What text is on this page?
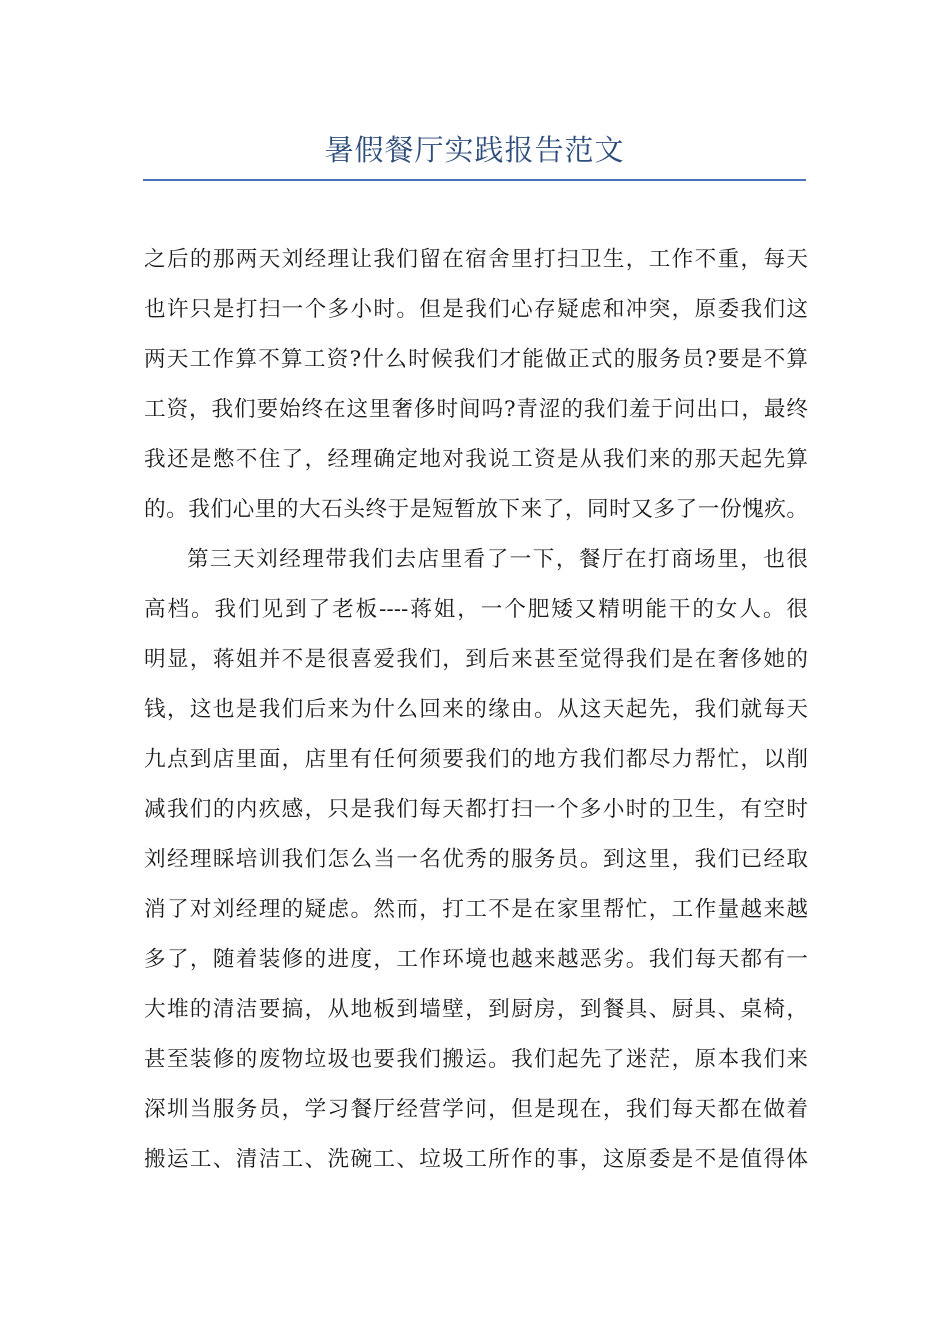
暑假餐厅实践报告范文
之后的那两天刘经理让我们留在宿舍里打扫卫生，工作不重，每天
也许只是打扫一个多小时。但是我们心存疑虑和冲突，原委我们这
两天工作算不算工资?什么时候我们才能做正式的服务员?要是不算
工资，我们要始终在这里奢侈时间吗?青涩的我们羞于问出口，最终
我还是憋不住了，经理确定地对我说工资是从我们来的那天起先算
的。我们心里的大石头终于是短暂放下来了，同时又多了一份愧疚。
第三天刘经理带我们去店里看了一下，餐厅在打商场里，也很
高档。我们见到了老板----蒋姐，一个肥矮又精明能干的女人。很
明显，蒋姐并不是很喜爱我们，到后来甚至觉得我们是在奢侈她的
钱，这也是我们后来为什么回来的缘由。从这天起先，我们就每天
九点到店里面，店里有任何须要我们的地方我们都尽力帮忙，以削
减我们的内疚感，只是我们每天都打扫一个多小时的卫生，有空时
刘经理睬培训我们怎么当一名优秀的服务员。到这里，我们已经取
消了对刘经理的疑虑。然而，打工不是在家里帮忙，工作量越来越
多了，随着装修的进度，工作环境也越来越恶劣。我们每天都有一
大堆的清洁要搞，从地板到墙壁，到厨房，到餐具、厨具、桌椅，
甚至装修的废物垃圾也要我们搬运。我们起先了迷茫，原本我们来
深圳当服务员，学习餐厅经营学问，但是现在，我们每天都在做着
搬运工、清洁工、洗碗工、垃圾工所作的事，这原委是不是值得体
